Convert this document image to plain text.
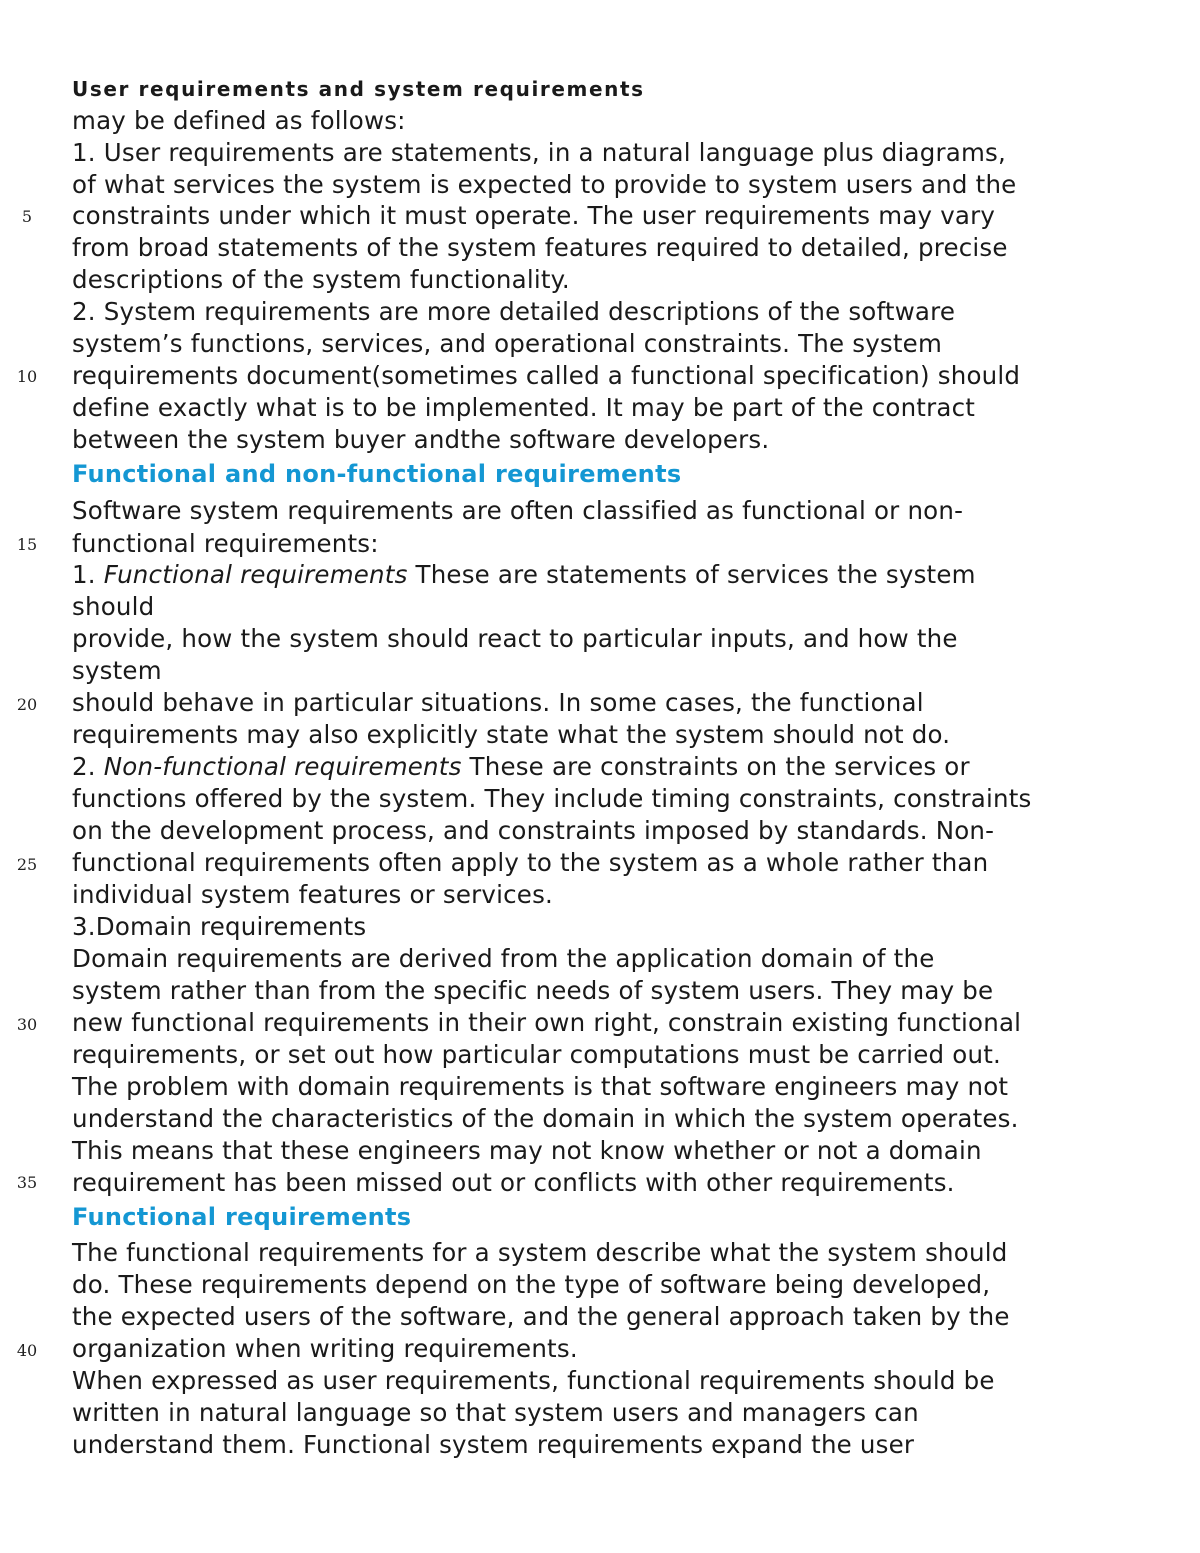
User requirements and system requirements
may be defined as follows:
1. User requirements are statements, in a natural language plus diagrams,
of what services the system is expected to provide to system users and the
constraints under which it must operate. The user requirements may vary
from broad statements of the system features required to detailed, precise
descriptions of the system functionality.
2. System requirements are more detailed descriptions of the software
system’s functions, services, and operational constraints. The system
requirements document(sometimes called a functional specification) should
define exactly what is to be implemented. It may be part of the contract
between the system buyer andthe software developers.
Functional and non-functional requirements
Software system requirements are often classified as functional or non-
functional requirements:
1. Functional requirements These are statements of services the system
should
provide, how the system should react to particular inputs, and how the
system
should behave in particular situations. In some cases, the functional
requirements may also explicitly state what the system should not do.
2. Non-functional requirements These are constraints on the services or
functions offered by the system. They include timing constraints, constraints
on the development process, and constraints imposed by standards. Non-
functional requirements often apply to the system as a whole rather than
individual system features or services.
3.Domain requirements
Domain requirements are derived from the application domain of the
system rather than from the specific needs of system users. They may be
new functional requirements in their own right, constrain existing functional
requirements, or set out how particular computations must be carried out.
The problem with domain requirements is that software engineers may not
understand the characteristics of the domain in which the system operates.
This means that these engineers may not know whether or not a domain
requirement has been missed out or conflicts with other requirements.
Functional requirements
The functional requirements for a system describe what the system should
do. These requirements depend on the type of software being developed,
the expected users of the software, and the general approach taken by the
organization when writing requirements.
When expressed as user requirements, functional requirements should be
written in natural language so that system users and managers can
understand them. Functional system requirements expand the user
5
10
15
20
25
30
35
40
